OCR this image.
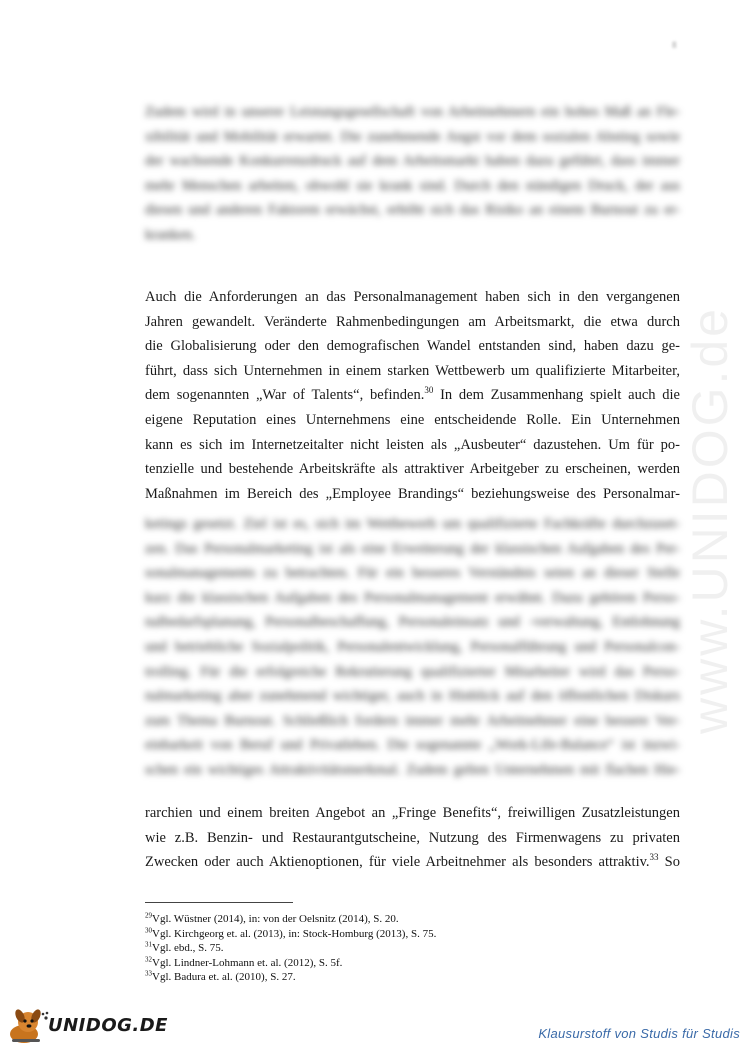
8
www.UNIDOG.de
Zudem wird in unserer Leistungsgesellschaft von Arbeitnehmern ein hohes Maß an Fle-
xibilität und Mobilität erwartet. Die zunehmende Angst vor dem sozialen Abstieg sowie
der wachsende Konkurrenzdruck auf dem Arbeitsmarkt haben dazu geführt, dass immer
mehr Menschen arbeiten, obwohl sie krank sind. Durch den ständigen Druck, der aus
diesen und anderen Faktoren erwächst, erhöht sich das Risiko an einem Burnout zu er-
kranken.
Auch die Anforderungen an das Personalmanagement haben sich in den vergangenen
Jahren gewandelt. Veränderte Rahmenbedingungen am Arbeitsmarkt, die etwa durch
die Globalisierung oder den demografischen Wandel entstanden sind, haben dazu ge-
führt, dass sich Unternehmen in einem starken Wettbewerb um qualifizierte Mitarbeiter,
dem sogenannten „War of Talents“, befinden.$^{30}$ In dem Zusammenhang spielt auch die
eigene Reputation eines Unternehmens eine entscheidende Rolle. Ein Unternehmen
kann es sich im Internetzeitalter nicht leisten als „Ausbeuter“ dazustehen. Um für po-
tenzielle und bestehende Arbeitskräfte als attraktiver Arbeitgeber zu erscheinen, werden
Maßnahmen im Bereich des „Employee Brandings“ beziehungsweise des Personalmar-
ketings gesetzt. Ziel ist es, sich im Wettbewerb um qualifizierte Fachkräfte durchzuset-
zen. Das Personalmarketing ist als eine Erweiterung der klassischen Aufgaben des Per-
sonalmanagements zu betrachten. Für ein besseres Verständnis seien an dieser Stelle
kurz die klassischen Aufgaben des Personalmanagement erwähnt. Dazu gehören Perso-
nalbedarfsplanung, Personalbeschaffung, Personaleinsatz und -verwaltung, Entlohnung
und betriebliche Sozialpolitik, Personalentwicklung, Personalführung und Personalcon-
trolling. Für die erfolgreiche Rekrutierung qualifizierter Mitarbeiter wird das Perso-
nalmarketing aber zunehmend wichtiger, auch in Hinblick auf den öffentlichen Diskurs
zum Thema Burnout. Schließlich fordern immer mehr Arbeitnehmer eine bessere Ver-
einbarkeit von Beruf und Privatleben. Die sogenannte „Work-Life-Balance“ ist inzwi-
schen ein wichtiges Attraktivitätsmerkmal. Zudem gelten Unternehmen mit flachen Hie-
rarchien und einem breiten Angebot an „Fringe Benefits“, freiwilligen Zusatzleistungen
wie z.B. Benzin- und Restaurantgutscheine, Nutzung des Firmenwagens zu privaten
Zwecken oder auch Aktienoptionen, für viele Arbeitnehmer als besonders attraktiv.$^{33}$ So
$^{29}$Vgl. Wüstner (2014), in: von der Oelsnitz (2014), S. 20.
$^{30}$Vgl. Kirchgeorg et. al. (2013), in: Stock-Homburg (2013), S. 75.
$^{31}$Vgl. ebd., S. 75.
$^{32}$Vgl. Lindner-Lohmann et. al. (2012), S. 5f.
$^{33}$Vgl. Badura et. al. (2010), S. 27.
UNIDOG.DE	Klausurstoff von Studis für Studis
